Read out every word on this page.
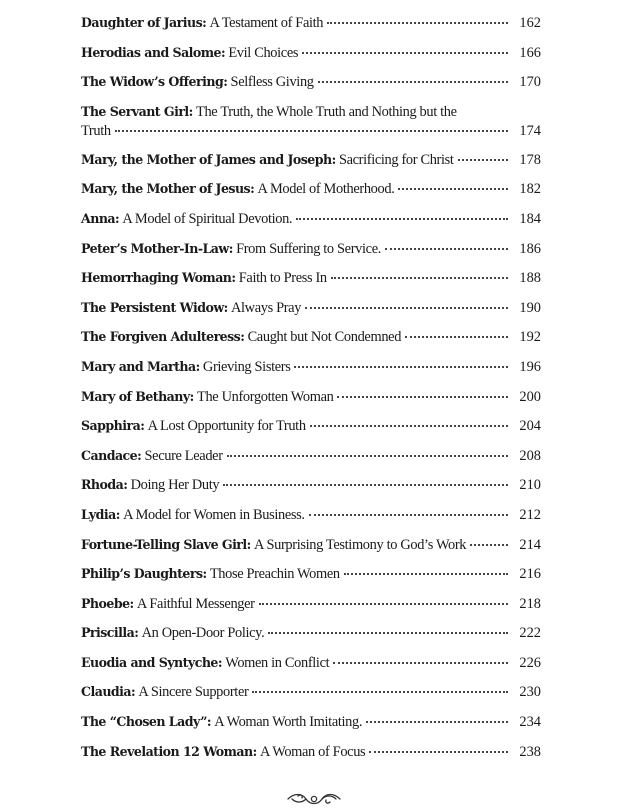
Daughter of Jarius:
A Testament of Faith	162
Herodias and Salome:
Evil Choices	166
The Widow’s Offering:
Selfless Giving	170
The Servant Girl: The Truth, the Whole Truth and Nothing but the
Truth	174
Mary, the Mother of James and Joseph:
Sacrificing for Christ	178
Mary, the Mother of Jesus:
A Model of Motherhood.	182
Anna:
A Model of Spiritual Devotion.	184
Peter’s Mother-In-Law:
From Suffering to Service.	186
Hemorrhaging Woman:
Faith to Press In	188
The Persistent Widow:
Always Pray	190
The Forgiven Adulteress:
Caught but Not Condemned	192
Mary and Martha:
Grieving Sisters	196
Mary of Bethany:
The Unforgotten Woman	200
Sapphira:
A Lost Opportunity for Truth	204
Candace:
Secure Leader	208
Rhoda:
Doing Her Duty	210
Lydia:
A Model for Women in Business.	212
Fortune-Telling Slave Girl:
A Surprising Testimony to God’s Work	214
Philip’s Daughters:
Those Preachin Women	216
Phoebe:
A Faithful Messenger	218
Priscilla:
An Open-Door Policy.	222
Euodia and Syntyche:
Women in Conflict	226
Claudia:
A Sincere Supporter	230
The “Chosen Lady”:
A Woman Worth Imitating.	234
The Revelation 12 Woman:
A Woman of Focus	238
